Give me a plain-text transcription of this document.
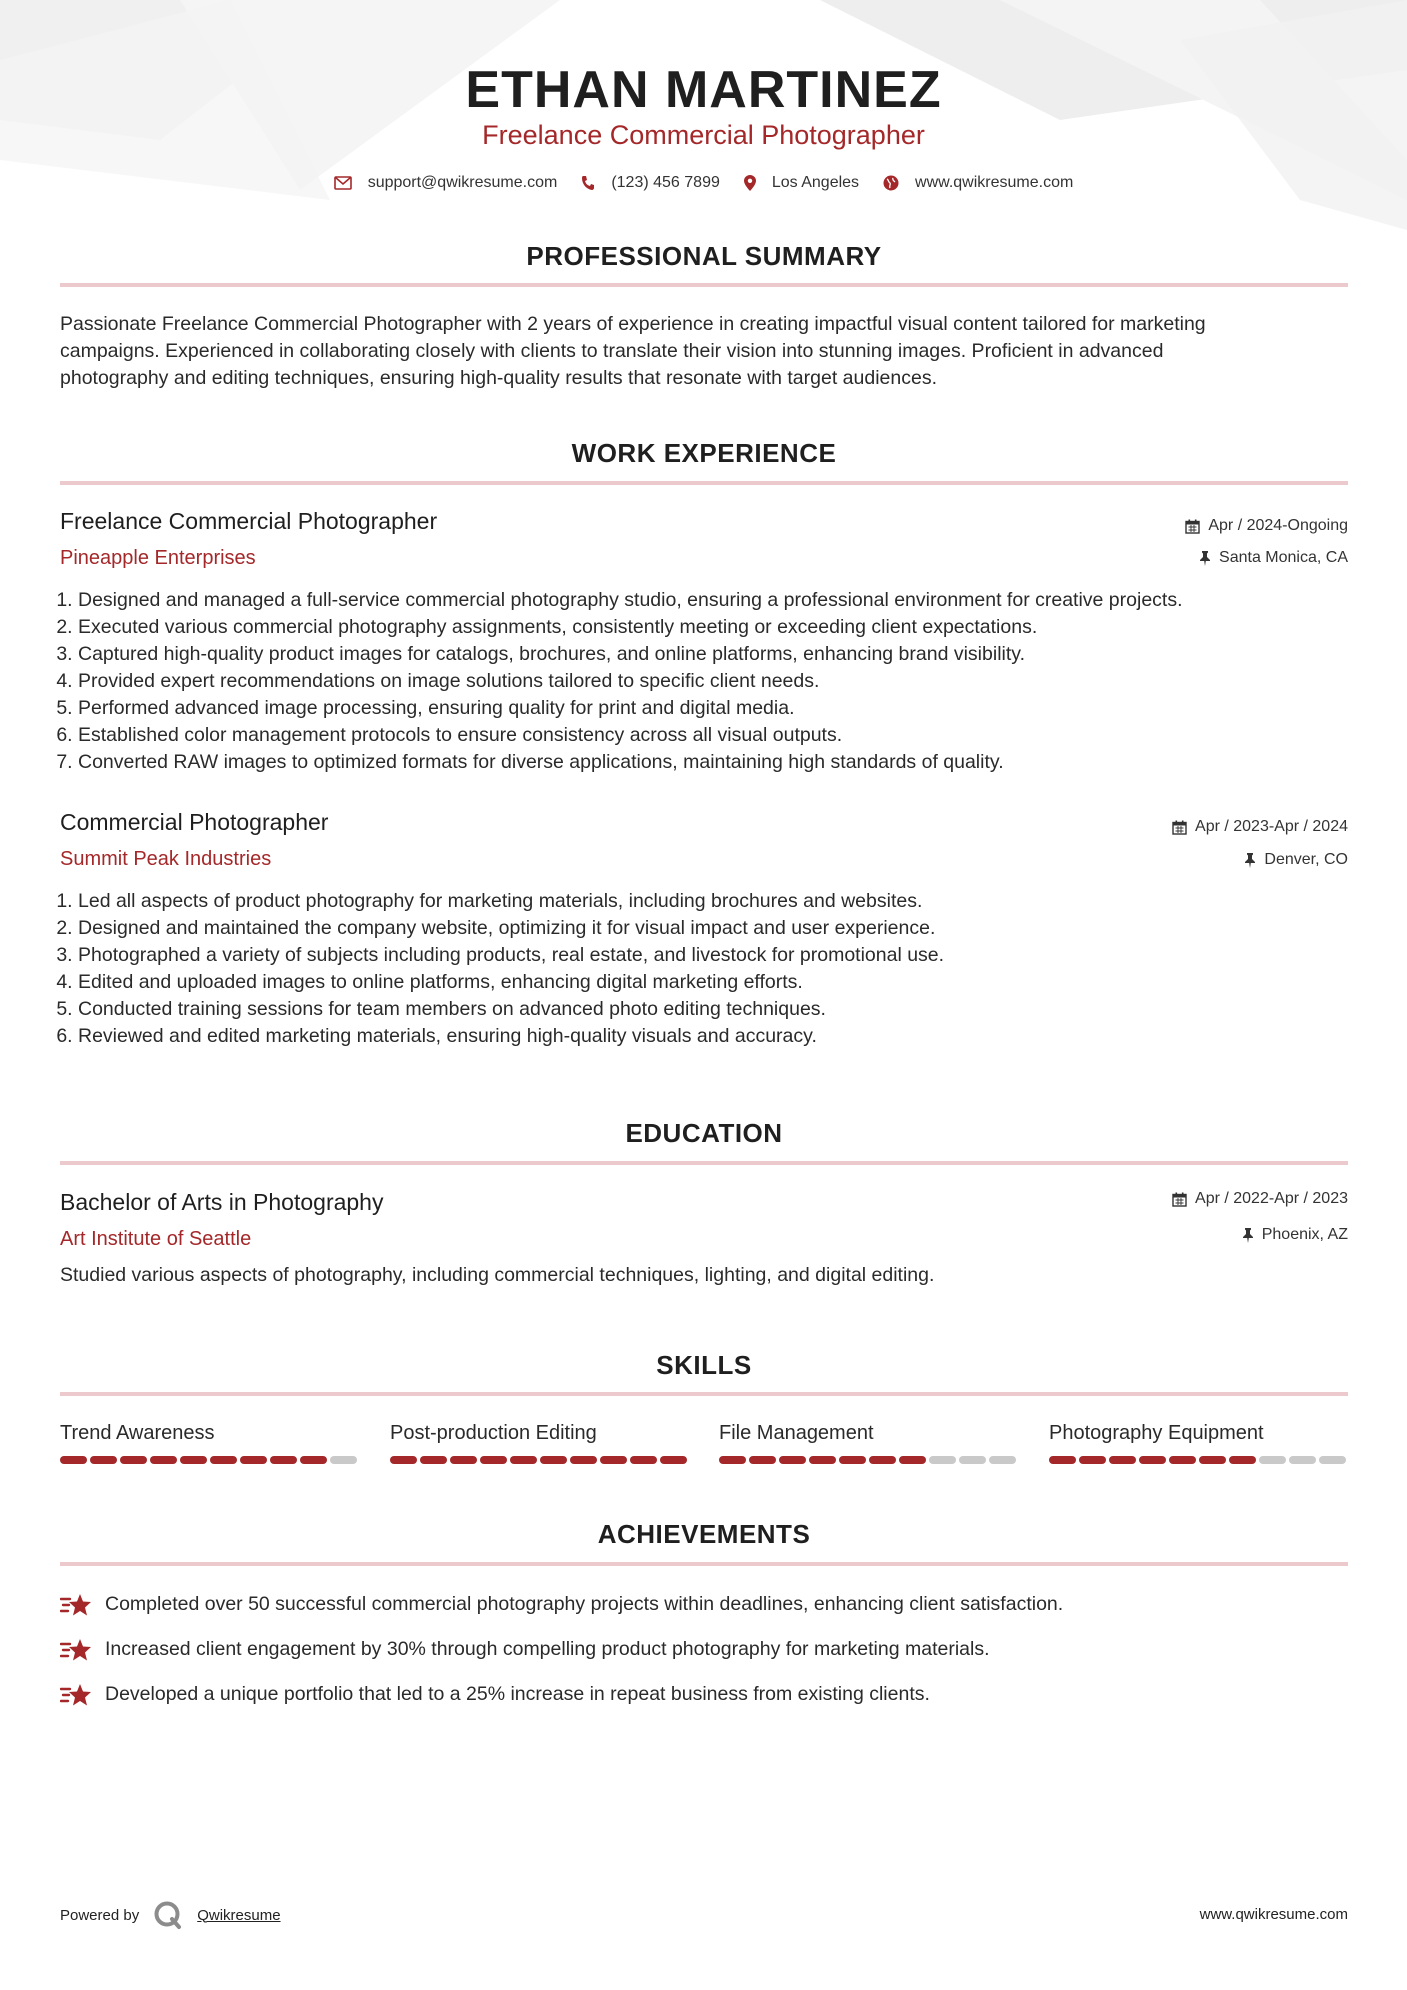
ETHAN MARTINEZ
Freelance Commercial Photographer
support@qwikresume.com	(123) 456 7899	Los Angeles	www.qwikresume.com
PROFESSIONAL SUMMARY
Passionate Freelance Commercial Photographer with 2 years of experience in creating impactful visual content tailored for marketing
campaigns. Experienced in collaborating closely with clients to translate their vision into stunning images. Proficient in advanced
photography and editing techniques, ensuring high-quality results that resonate with target audiences.
WORK EXPERIENCE
Freelance Commercial Photographer
Pineapple Enterprises
Apr / 2024-Ongoing
Santa Monica, CA
1. Designed and managed a full-service commercial photography studio, ensuring a professional environment for creative projects.
2. Executed various commercial photography assignments, consistently meeting or exceeding client expectations.
3. Captured high-quality product images for catalogs, brochures, and online platforms, enhancing brand visibility.
4. Provided expert recommendations on image solutions tailored to specific client needs.
5. Performed advanced image processing, ensuring quality for print and digital media.
6. Established color management protocols to ensure consistency across all visual outputs.
7. Converted RAW images to optimized formats for diverse applications, maintaining high standards of quality.
Commercial Photographer
Summit Peak Industries
Apr / 2023-Apr / 2024
Denver, CO
1. Led all aspects of product photography for marketing materials, including brochures and websites.
2. Designed and maintained the company website, optimizing it for visual impact and user experience.
3. Photographed a variety of subjects including products, real estate, and livestock for promotional use.
4. Edited and uploaded images to online platforms, enhancing digital marketing efforts.
5. Conducted training sessions for team members on advanced photo editing techniques.
6. Reviewed and edited marketing materials, ensuring high-quality visuals and accuracy.
EDUCATION
Bachelor of Arts in Photography
Art Institute of Seattle
Apr / 2022-Apr / 2023
Phoenix, AZ
Studied various aspects of photography, including commercial techniques, lighting, and digital editing.
SKILLS
Trend Awareness	Post-production Editing	File Management	Photography Equipment
ACHIEVEMENTS
Completed over 50 successful commercial photography projects within deadlines, enhancing client satisfaction.
Increased client engagement by 30% through compelling product photography for marketing materials.
Developed a unique portfolio that led to a 25% increase in repeat business from existing clients.
Powered by	Qwikresume	www.qwikresume.com
